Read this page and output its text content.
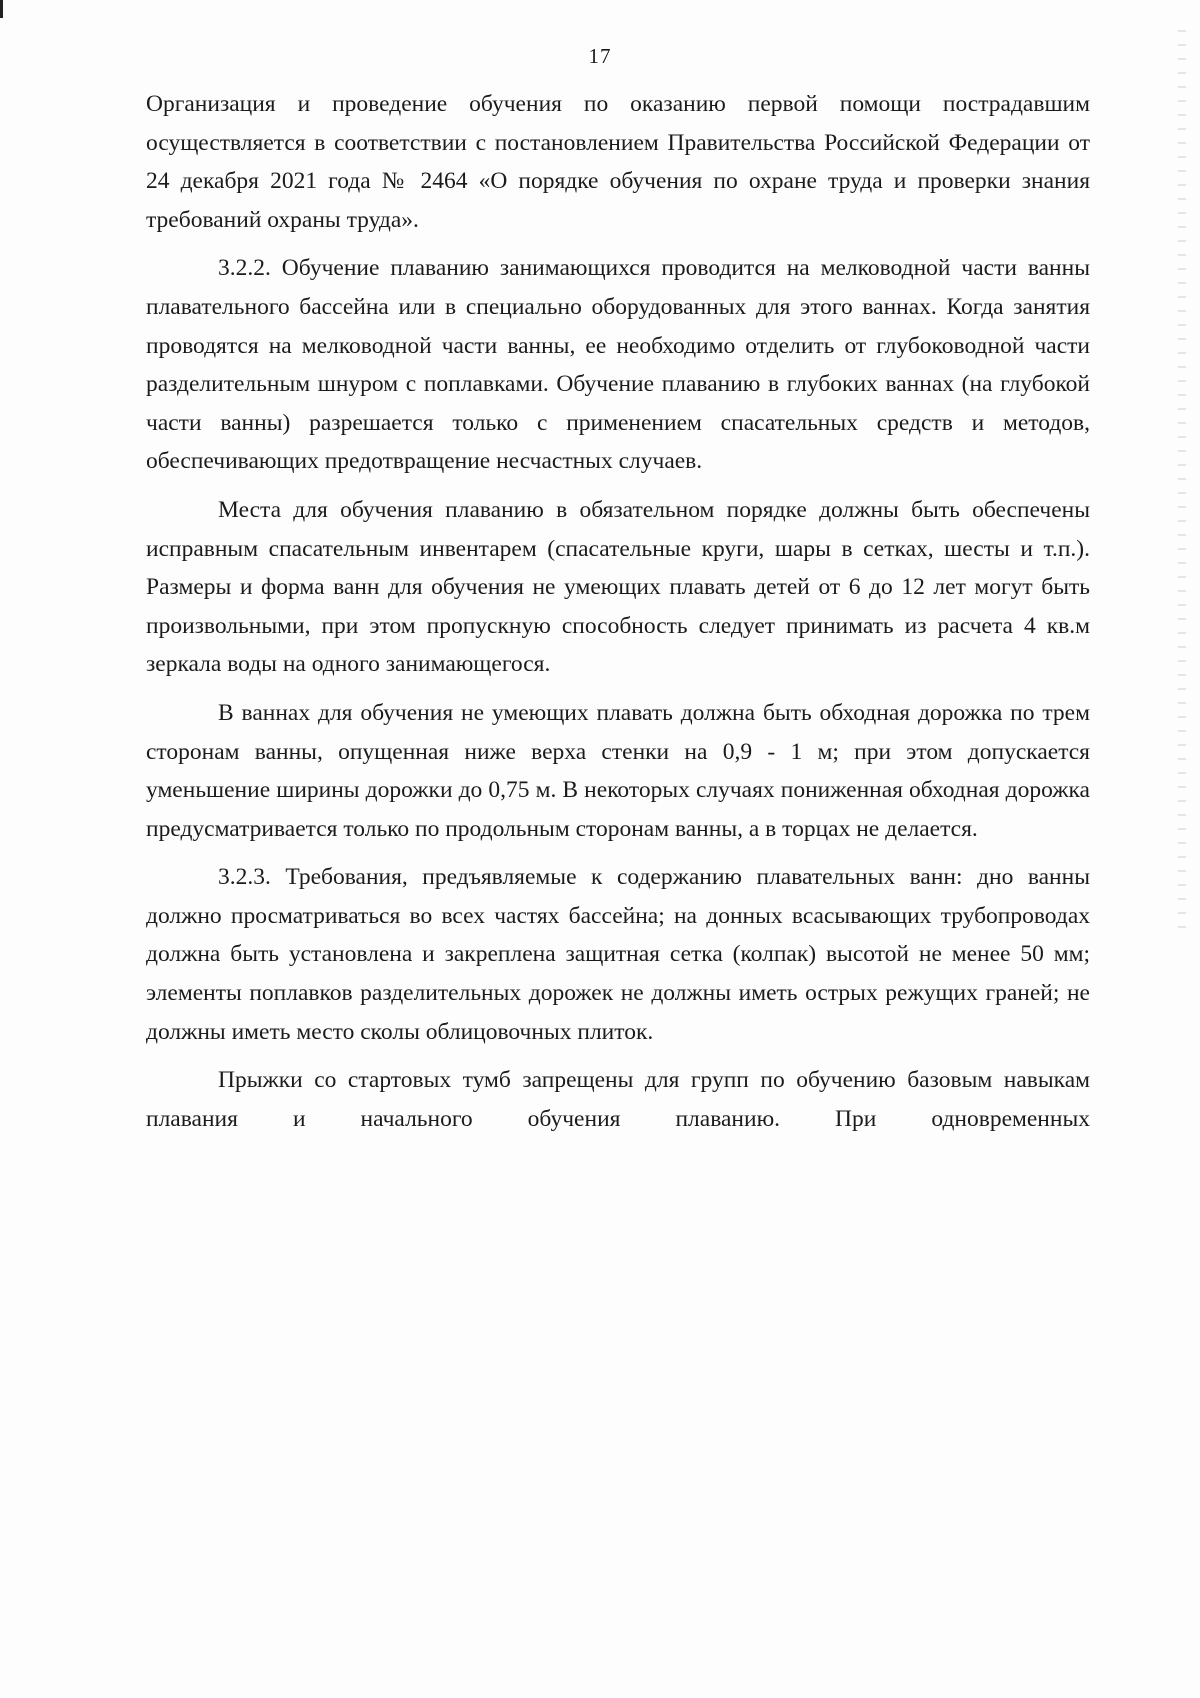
17

Организация и проведение обучения по оказанию первой помощи пострадавшим осуществляется в соответствии с постановлением Правительства Российской Федерации от 24 декабря 2021 года № 2464 «О порядке обучения по охране труда и проверки знания требований охраны труда».

3.2.2. Обучение плаванию занимающихся проводится на мелководной части ванны плавательного бассейна или в специально оборудованных для этого ваннах. Когда занятия проводятся на мелководной части ванны, ее необходимо отделить от глубоководной части разделительным шнуром с поплавками. Обучение плаванию в глубоких ваннах (на глубокой части ванны) разрешается только с применением спасательных средств и методов, обеспечивающих предотвращение несчастных случаев.

Места для обучения плаванию в обязательном порядке должны быть обеспечены исправным спасательным инвентарем (спасательные круги, шары в сетках, шесты и т.п.). Размеры и форма ванн для обучения не умеющих плавать детей от 6 до 12 лет могут быть произвольными, при этом пропускную способность следует принимать из расчета 4 кв.м зеркала воды на одного занимающегося.

В ваннах для обучения не умеющих плавать должна быть обходная дорожка по трем сторонам ванны, опущенная ниже верха стенки на 0,9 - 1 м; при этом допускается уменьшение ширины дорожки до 0,75 м. В некоторых случаях пониженная обходная дорожка предусматривается только по продольным сторонам ванны, а в торцах не делается.

3.2.3. Требования, предъявляемые к содержанию плавательных ванн: дно ванны должно просматриваться во всех частях бассейна; на донных всасывающих трубопроводах должна быть установлена и закреплена защитная сетка (колпак) высотой не менее 50 мм; элементы поплавков разделительных дорожек не должны иметь острых режущих граней; не должны иметь место сколы облицовочных плиток.

Прыжки со стартовых тумб запрещены для групп по обучению базовым навыкам плавания и начального обучения плаванию. При одновременных
